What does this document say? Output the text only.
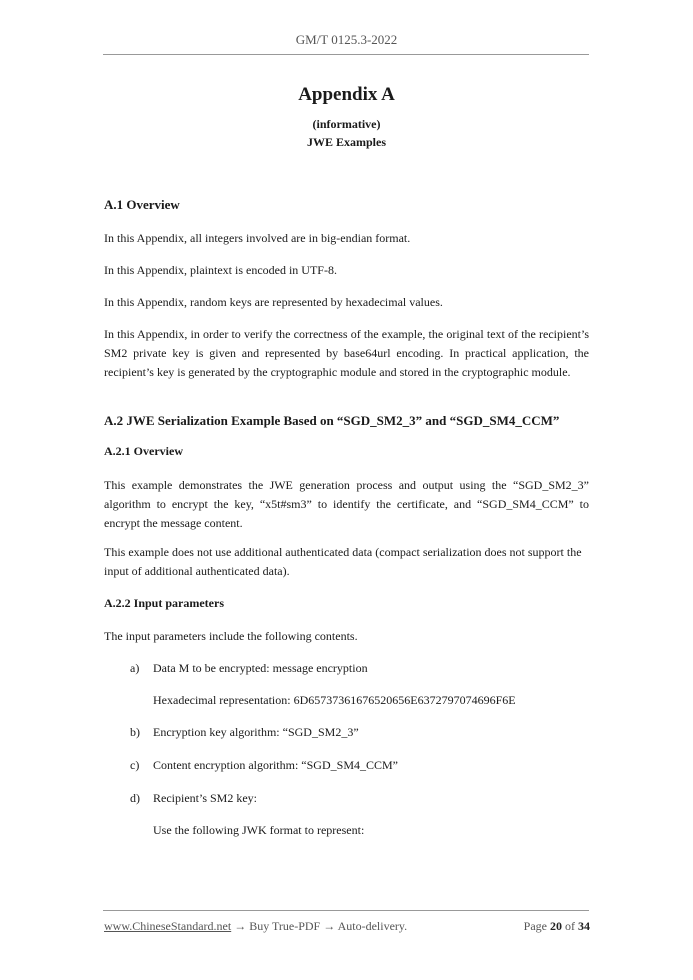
GM/T 0125.3-2022
Appendix A
(informative)
JWE Examples
A.1 Overview
In this Appendix, all integers involved are in big-endian format.
In this Appendix, plaintext is encoded in UTF-8.
In this Appendix, random keys are represented by hexadecimal values.
In this Appendix, in order to verify the correctness of the example, the original text of the recipient’s SM2 private key is given and represented by base64url encoding. In practical application, the recipient’s key is generated by the cryptographic module and stored in the cryptographic module.
A.2 JWE Serialization Example Based on “SGD_SM2_3” and “SGD_SM4_CCM”
A.2.1 Overview
This example demonstrates the JWE generation process and output using the “SGD_SM2_3” algorithm to encrypt the key, “x5t#sm3” to identify the certificate, and “SGD_SM4_CCM” to encrypt the message content.
This example does not use additional authenticated data (compact serialization does not support the input of additional authenticated data).
A.2.2 Input parameters
The input parameters include the following contents.
a) Data M to be encrypted: message encryption
Hexadecimal representation: 6D65737361676520656E6372797074696F6E
b) Encryption key algorithm: “SGD_SM2_3”
c) Content encryption algorithm: “SGD_SM4_CCM”
d) Recipient’s SM2 key:
Use the following JWK format to represent:
www.ChineseStandard.net → Buy True-PDF → Auto-delivery.	Page 20 of 34
